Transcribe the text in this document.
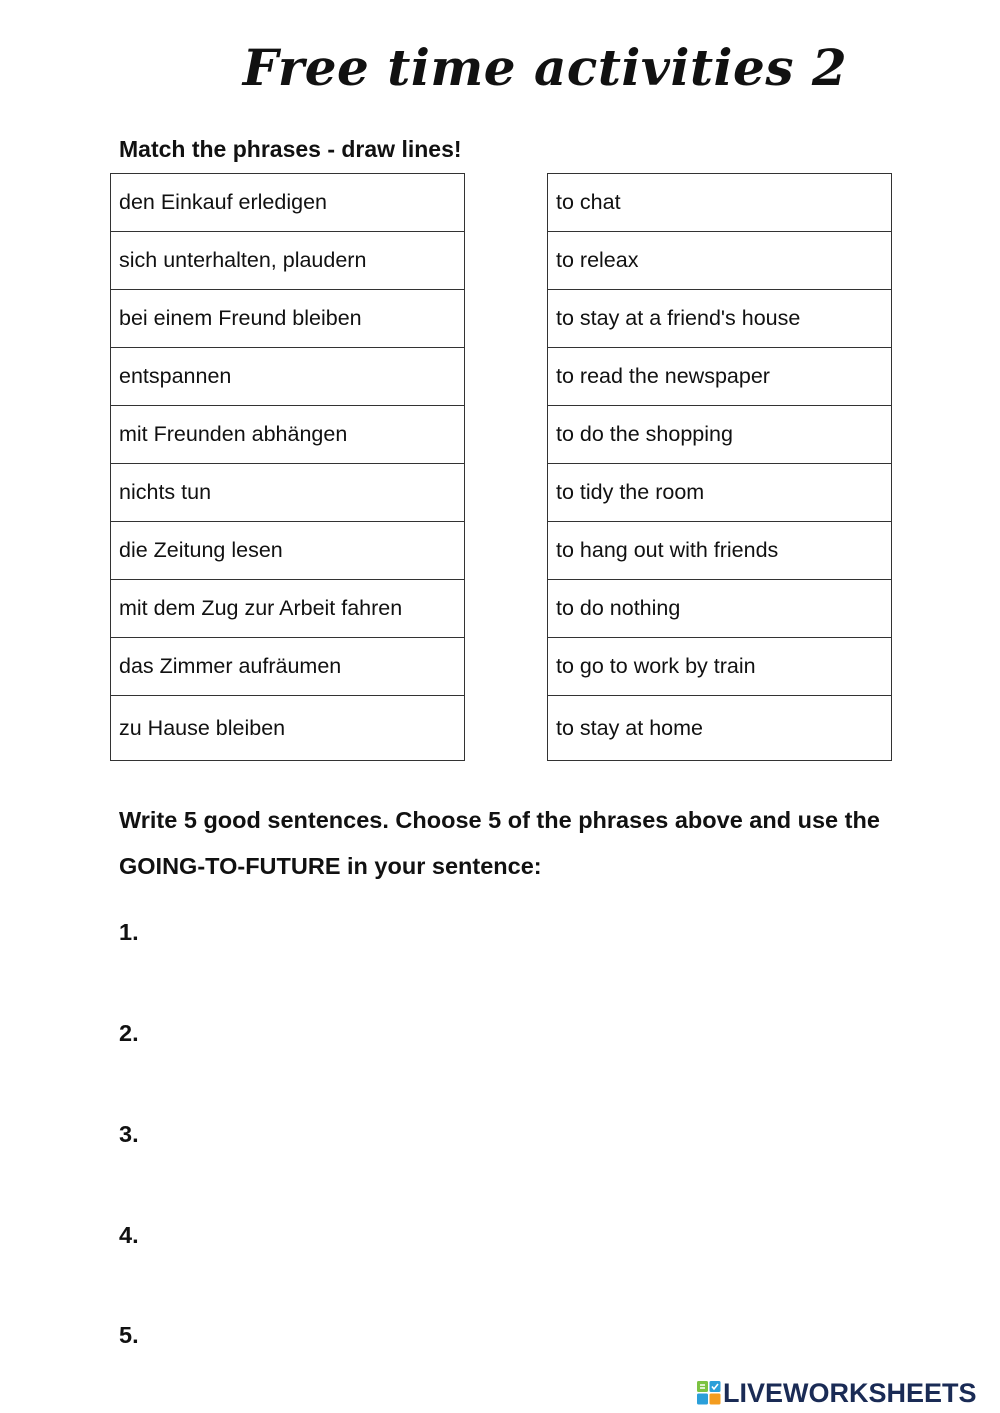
Free time activities 2

Match the phrases - draw lines!

den Einkauf erledigen
sich unterhalten, plaudern
bei einem Freund bleiben
entspannen
mit Freunden abhängen
nichts tun
die Zeitung lesen
mit dem Zug zur Arbeit fahren
das Zimmer aufräumen
zu Hause bleiben
to chat
to releax
to stay at a friend's house
to read the newspaper
to do the shopping
to tidy the room
to hang out with friends
to do nothing
to go to work by train
to stay at home

Write 5 good sentences. Choose 5 of the phrases above and use the GOING-TO-FUTURE in your sentence:

1.
2.
3.
4.
5.
LIVEWORKSHEETS
